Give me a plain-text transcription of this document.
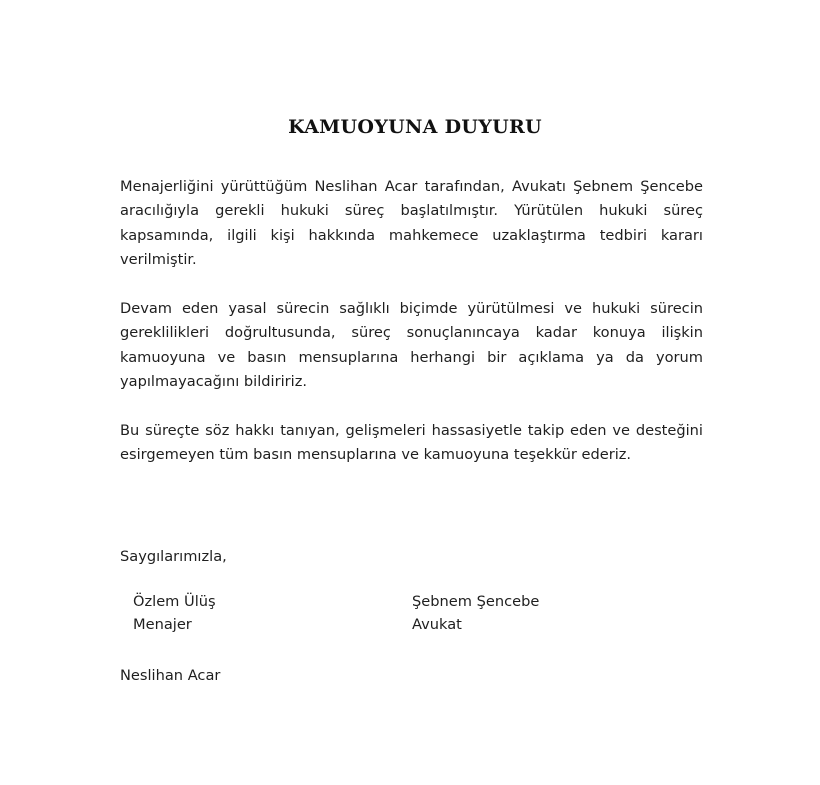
KAMUOYUNA DUYURU

Menajerliğini yürüttüğüm Neslihan Acar tarafından, Avukatı Şebnem Şencebe aracılığıyla gerekli hukuki süreç başlatılmıştır. Yürütülen hukuki süreç kapsamında, ilgili kişi hakkında mahkemece uzaklaştırma tedbiri kararı verilmiştir.

Devam eden yasal sürecin sağlıklı biçimde yürütülmesi ve hukuki sürecin gereklilikleri doğrultusunda, süreç sonuçlanıncaya kadar konuya ilişkin kamuoyuna ve basın mensuplarına herhangi bir açıklama ya da yorum yapılmayacağını bildiririz.

Bu süreçte söz hakkı tanıyan, gelişmeleri hassasiyetle takip eden ve desteğini esirgemeyen tüm basın mensuplarına ve kamuoyuna teşekkür ederiz.

Saygılarımızla,
Özlem Ülüş
Menajer
Şebnem Şencebe
Avukat
Neslihan Acar
